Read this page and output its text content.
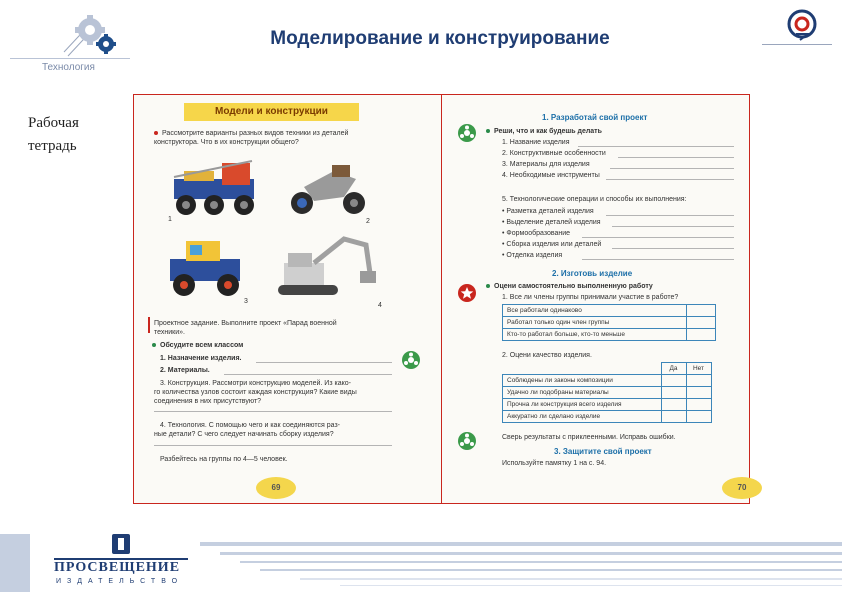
Технология
Моделирование и конструирование
Рабочая тетрадь
Модели и конструкции
Рассмотрите варианты разных видов техники из деталей
конструктора. Что в их конструкции общего?
1	2
3
4
Проектное задание. Выполните проект «Парад военной
техники».
Обсудите всем классом
1. Назначение изделия.
2. Материалы.
3. Конструкция. Рассмотри конструкцию моделей. Из како-
го количества узлов состоит каждая конструкция? Какие виды
соединения в них присутствуют?
4. Технология. С помощью чего и как соединяются раз-
ные детали? С чего следует начинать сборку изделия?
Разбейтесь на группы по 4—5 человек.
69
1. Разработай свой проект
Реши, что и как будешь делать
1. Название изделия
2. Конструктивные особенности
3. Материалы для изделия
4. Необходимые инструменты
5. Технологические операции и способы их выполнения:
• Разметка деталей изделия
• Выделение деталей изделия
• Формообразование
• Сборка изделия или деталей
• Отделка изделия
2. Изготовь изделие
Оцени самостоятельно выполненную работу
1. Все ли члены группы принимали участие в работе?
Все работали одинаково	
Работал только один член группы	
Кто-то работал больше, кто-то меньше	
2. Оцени качество изделия.
	Да	Нет
Соблюдены ли законы композиции		
Удачно ли подобраны материалы		
Прочна ли конструкция всего изделия		
Аккуратно ли сделано изделие		
Сверь результаты с приклеенными. Исправь ошибки.
3. Защитите свой проект
Используйте памятку 1 на с. 94.
70
ПРОСВЕЩЕНИЕ
ИЗДАТЕЛЬСТВО
